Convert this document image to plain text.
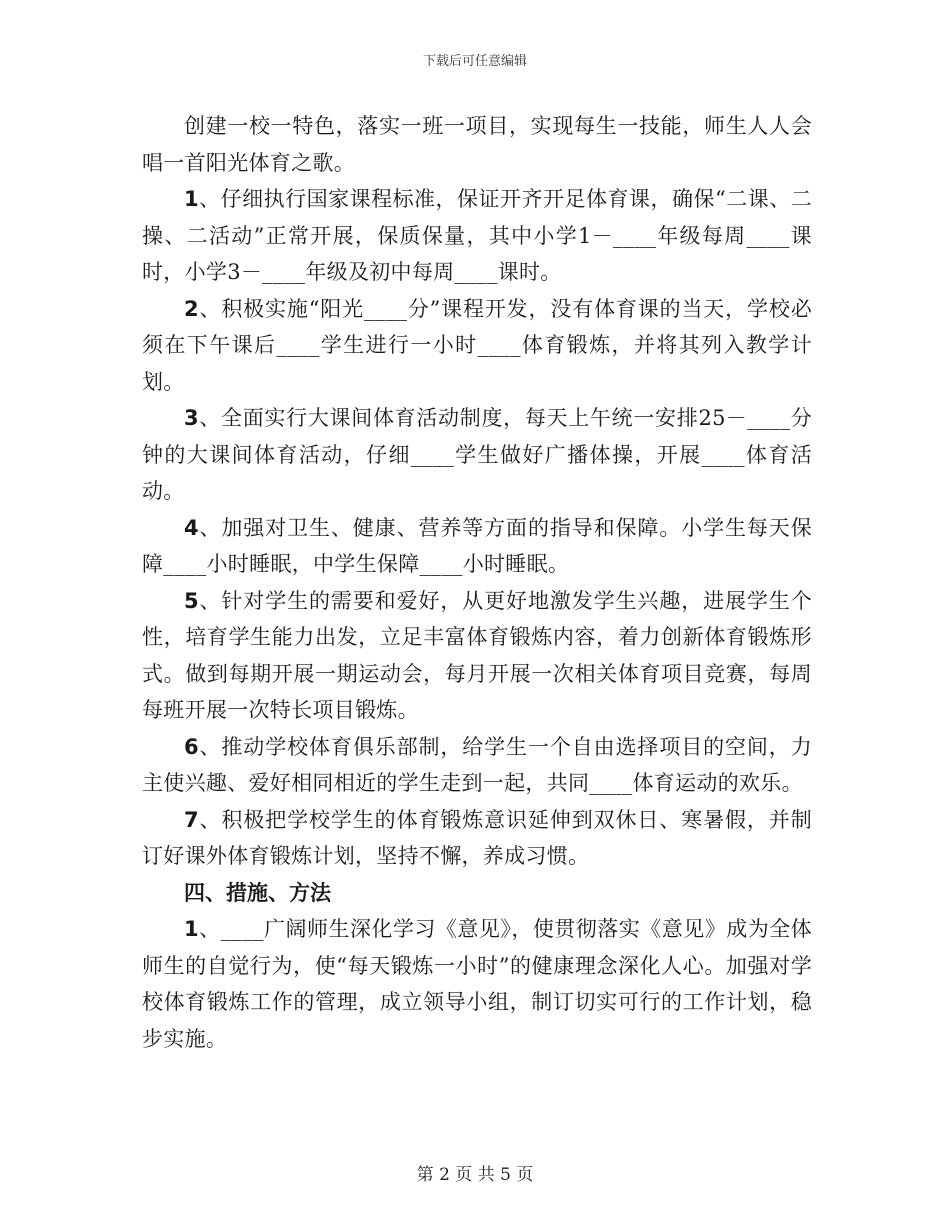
下载后可任意编辑

创建一校一特色，落实一班一项目，实现每生一技能，师生人人会唱一首阳光体育之歌。

1、仔细执行国家课程标准，保证开齐开足体育课，确保“二课、二操、二活动”正常开展，保质保量，其中小学1－____年级每周____课时，小学3－____年级及初中每周____课时。

2、积极实施“阳光____分”课程开发，没有体育课的当天，学校必须在下午课后____学生进行一小时____体育锻炼，并将其列入教学计划。

3、全面实行大课间体育活动制度，每天上午统一安排25－____分钟的大课间体育活动，仔细____学生做好广播体操，开展____体育活动。

4、加强对卫生、健康、营养等方面的指导和保障。小学生每天保障____小时睡眠，中学生保障____小时睡眠。

5、针对学生的需要和爱好，从更好地激发学生兴趣，进展学生个性，培育学生能力出发，立足丰富体育锻炼内容，着力创新体育锻炼形式。做到每期开展一期运动会，每月开展一次相关体育项目竞赛，每周每班开展一次特长项目锻炼。

6、推动学校体育俱乐部制，给学生一个自由选择项目的空间，力主使兴趣、爱好相同相近的学生走到一起，共同____体育运动的欢乐。

7、积极把学校学生的体育锻炼意识延伸到双休日、寒暑假，并制订好课外体育锻炼计划，坚持不懈，养成习惯。

四、措施、方法

1、____广阔师生深化学习《意见》，使贯彻落实《意见》成为全体师生的自觉行为，使“每天锻炼一小时”的健康理念深化人心。加强对学校体育锻炼工作的管理，成立领导小组，制订切实可行的工作计划，稳步实施。

第 2 页 共 5 页
